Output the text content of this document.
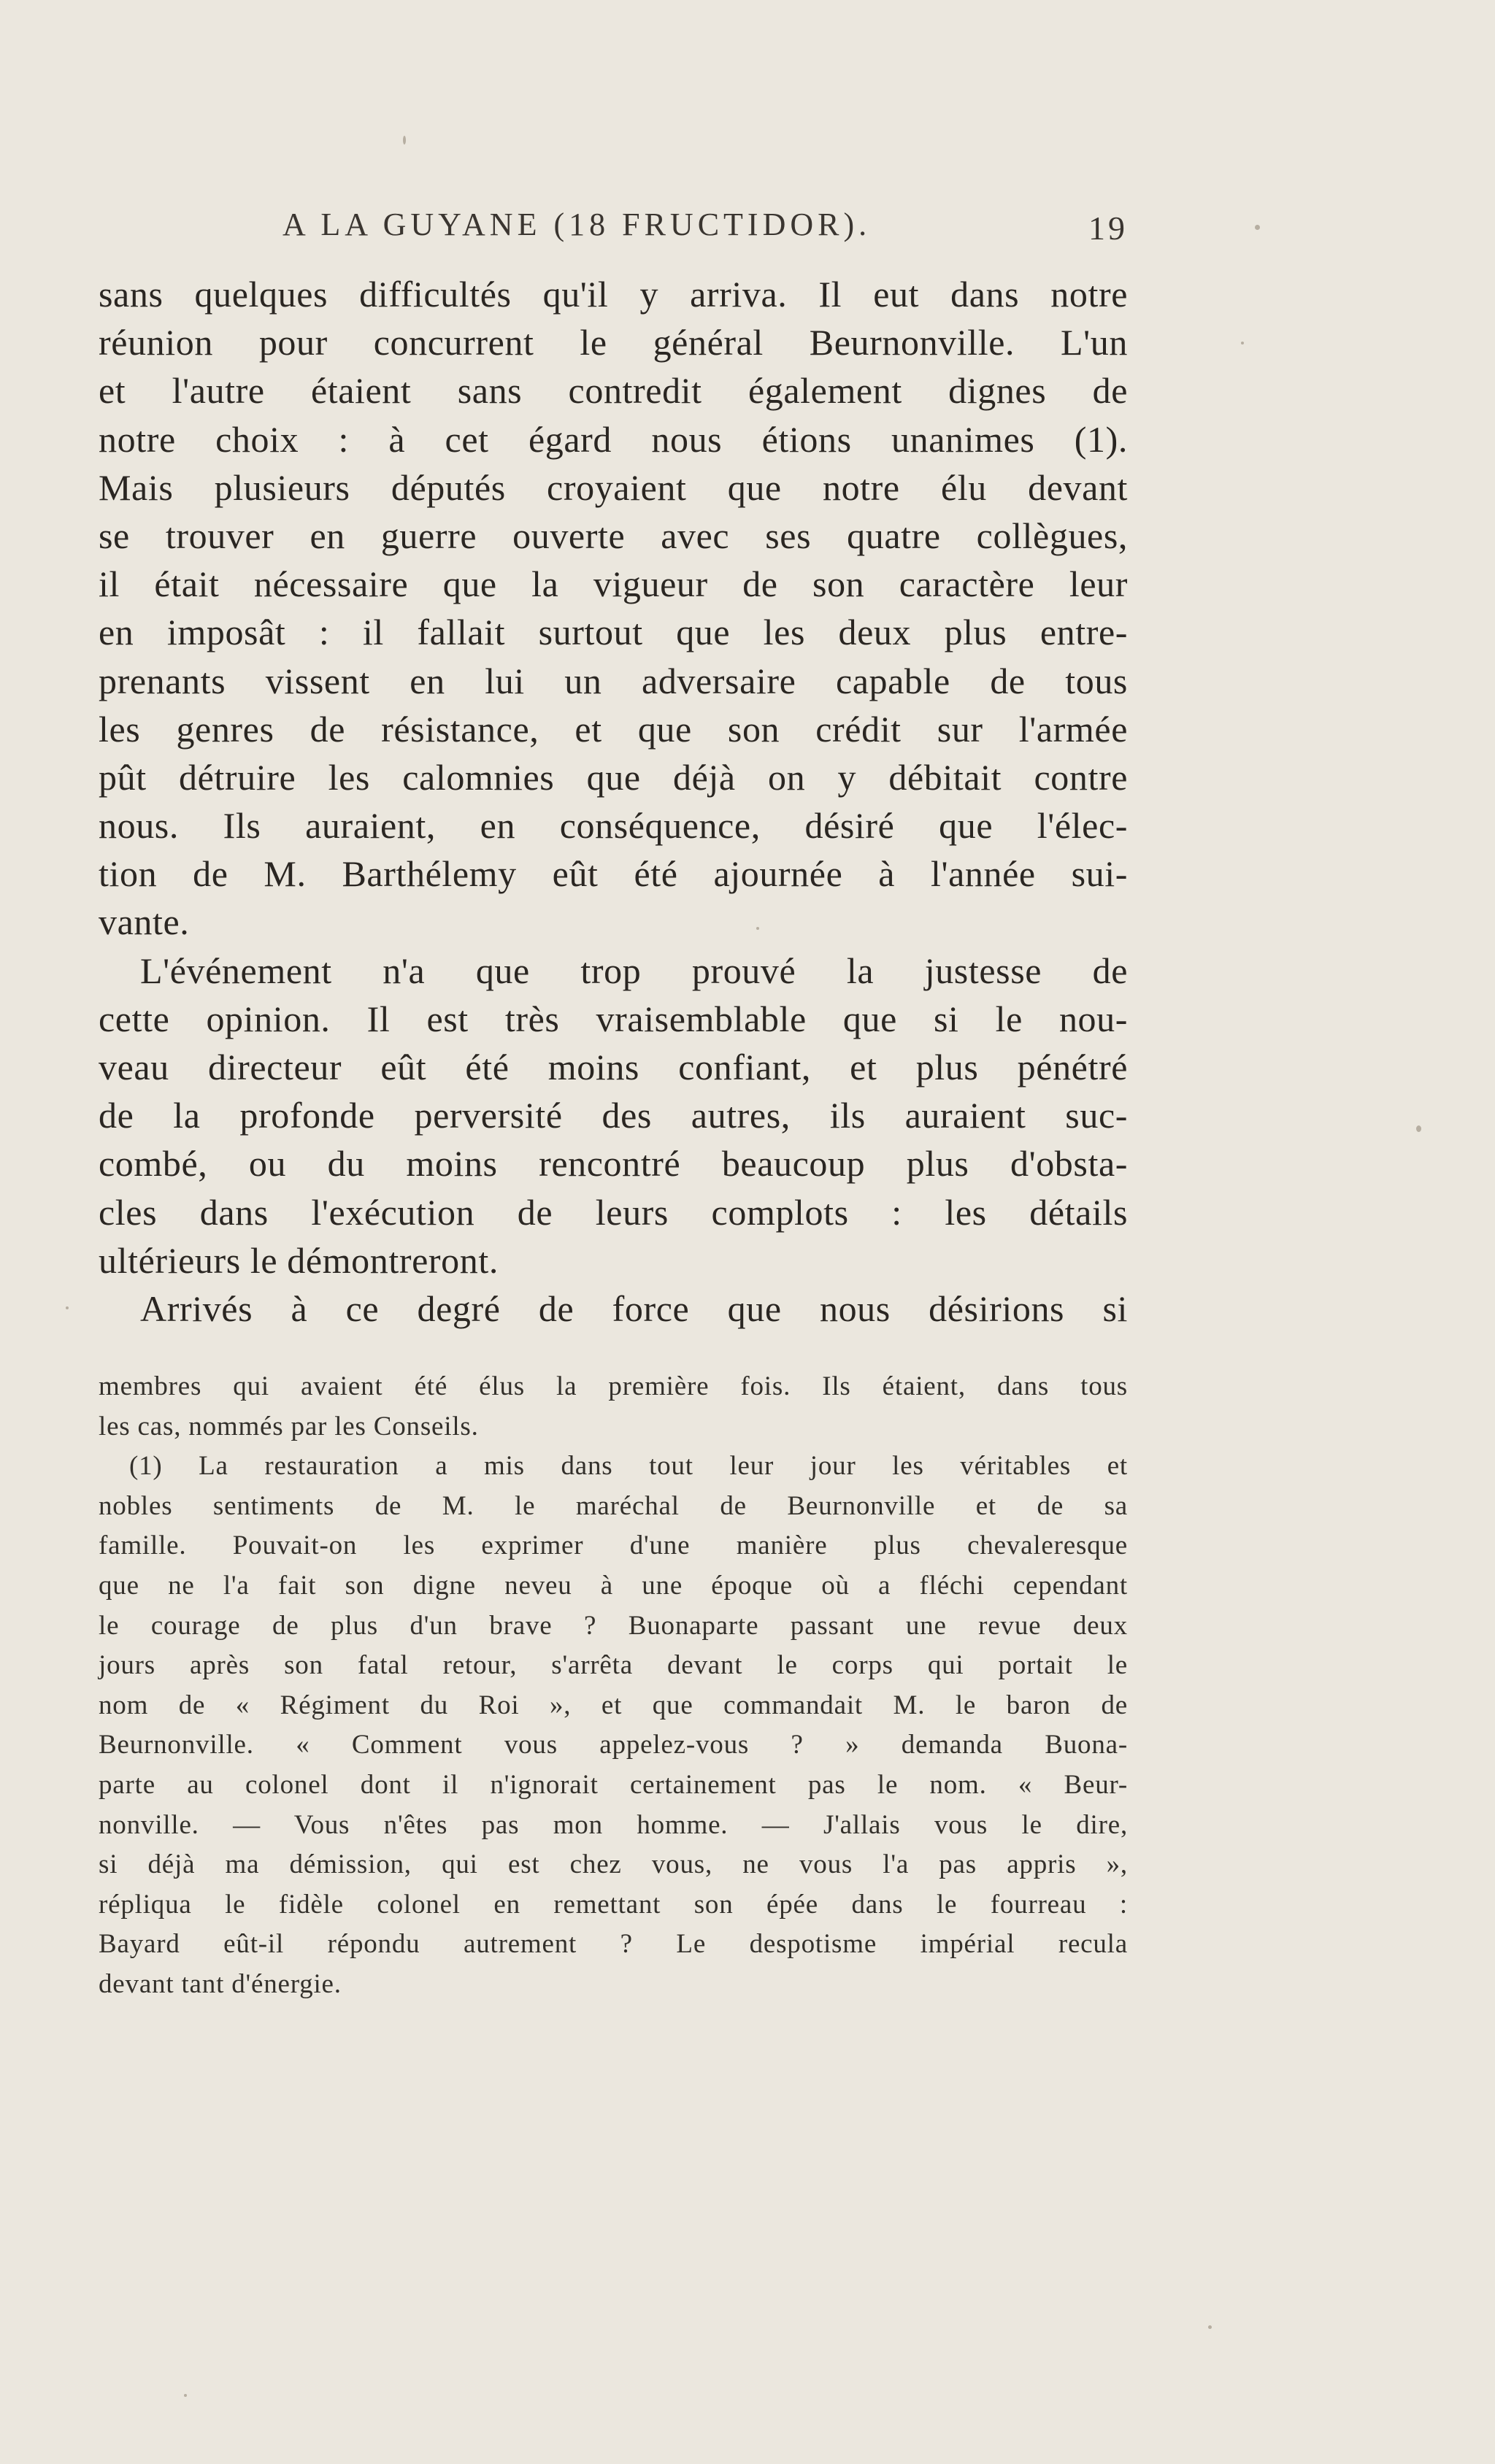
A LA GUYANE (18 FRUCTIDOR).	19
sans quelques difficultés qu'il y arriva. Il eut dans notre
réunion pour concurrent le général Beurnonville. L'un
et l'autre étaient sans contredit également dignes de
notre choix : à cet égard nous étions unanimes (1).
Mais plusieurs députés croyaient que notre élu devant
se trouver en guerre ouverte avec ses quatre collègues,
il était nécessaire que la vigueur de son caractère leur
en imposât : il fallait surtout que les deux plus entre-
prenants vissent en lui un adversaire capable de tous
les genres de résistance, et que son crédit sur l'armée
pût détruire les calomnies que déjà on y débitait contre
nous. Ils auraient, en conséquence, désiré que l'élec-
tion de M. Barthélemy eût été ajournée à l'année sui-
vante.
L'événement n'a que trop prouvé la justesse de
cette opinion. Il est très vraisemblable que si le nou-
veau directeur eût été moins confiant, et plus pénétré
de la profonde perversité des autres, ils auraient suc-
combé, ou du moins rencontré beaucoup plus d'obsta-
cles dans l'exécution de leurs complots : les détails
ultérieurs le démontreront.
Arrivés à ce degré de force que nous désirions si
membres qui avaient été élus la première fois. Ils étaient, dans tous
les cas, nommés par les Conseils.
(1) La restauration a mis dans tout leur jour les véritables et
nobles sentiments de M. le maréchal de Beurnonville et de sa
famille. Pouvait-on les exprimer d'une manière plus chevaleresque
que ne l'a fait son digne neveu à une époque où a fléchi cependant
le courage de plus d'un brave ? Buonaparte passant une revue deux
jours après son fatal retour, s'arrêta devant le corps qui portait le
nom de « Régiment du Roi », et que commandait M. le baron de
Beurnonville. « Comment vous appelez-vous ? » demanda Buona-
parte au colonel dont il n'ignorait certainement pas le nom. « Beur-
nonville. — Vous n'êtes pas mon homme. — J'allais vous le dire,
si déjà ma démission, qui est chez vous, ne vous l'a pas appris »,
répliqua le fidèle colonel en remettant son épée dans le fourreau :
Bayard eût-il répondu autrement ? Le despotisme impérial recula
devant tant d'énergie.
